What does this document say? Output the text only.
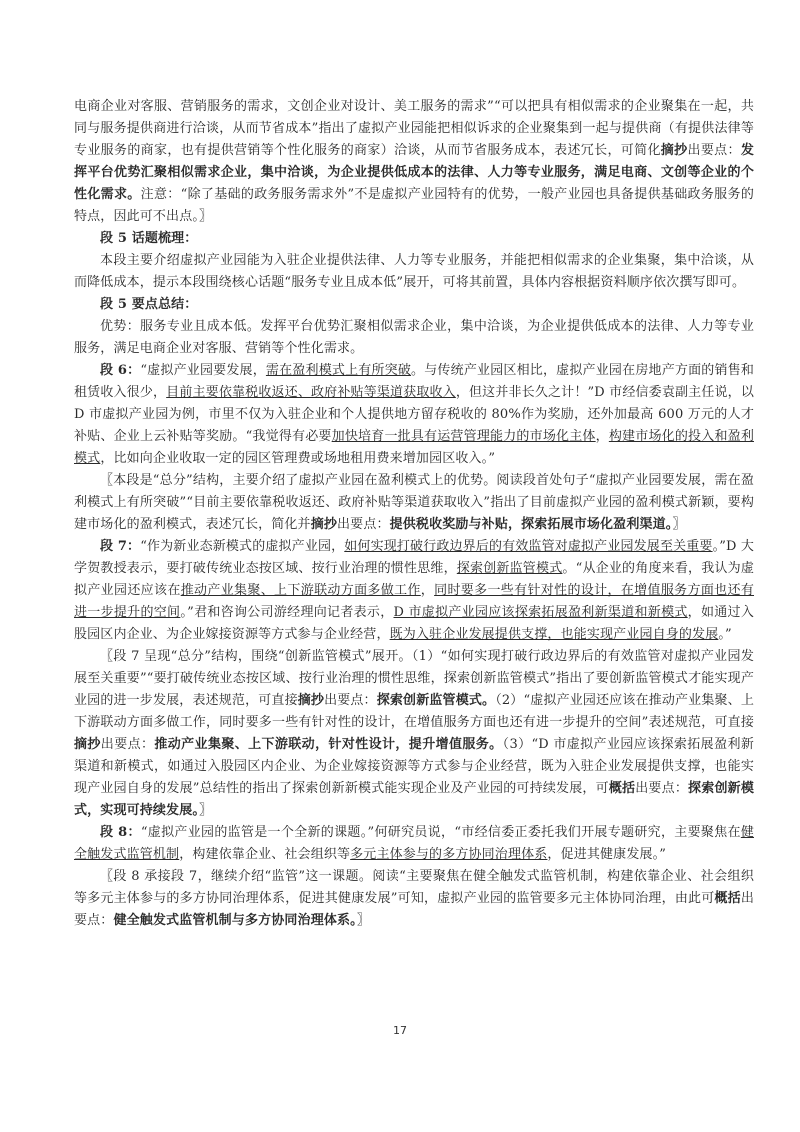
电商企业对客服、营销服务的需求，文创企业对设计、美工服务的需求”“可以把具有相似需求的企业聚集在一起，共同与服务提供商进行洽谈，从而节省成本”指出了虚拟产业园能把相似诉求的企业聚集到一起与提供商（有提供法律等专业服务的商家，也有提供营销等个性化服务的商家）洽谈，从而节省服务成本，表述冗长，可简化摘抄出要点：发挥平台优势汇聚相似需求企业，集中洽谈，为企业提供低成本的法律、人力等专业服务，满足电商、文创等企业的个性化需求。注意：“除了基础的政务服务需求外”不是虚拟产业园特有的优势，一般产业园也具备提供基础政务服务的特点，因此可不出点。〗

段 5 话题梳理：

本段主要介绍虚拟产业园能为入驻企业提供法律、人力等专业服务，并能把相似需求的企业集聚，集中洽谈，从而降低成本，提示本段围绕核心话题“服务专业且成本低”展开，可将其前置，具体内容根据资料顺序依次撰写即可。

段 5 要点总结：

优势：服务专业且成本低。发挥平台优势汇聚相似需求企业，集中洽谈，为企业提供低成本的法律、人力等专业服务，满足电商企业对客服、营销等个性化需求。

段 6：“虚拟产业园要发展，需在盈利模式上有所突破。与传统产业园区相比，虚拟产业园在房地产方面的销售和租赁收入很少，目前主要依靠税收返还、政府补贴等渠道获取收入，但这并非长久之计！”D 市经信委袁副主任说，以 D 市虚拟产业园为例，市里不仅为入驻企业和个人提供地方留存税收的 80%作为奖励，还外加最高 600 万元的人才补贴、企业上云补贴等奖励。“我觉得有必要加快培育一批具有运营管理能力的市场化主体，构建市场化的投入和盈利模式，比如向企业收取一定的园区管理费或场地租用费来增加园区收入。”

〖本段是“总分”结构，主要介绍了虚拟产业园在盈利模式上的优势。阅读段首处句子“虚拟产业园要发展，需在盈利模式上有所突破”“目前主要依靠税收返还、政府补贴等渠道获取收入”指出了目前虚拟产业园的盈利模式新颖，要构建市场化的盈利模式，表述冗长，简化并摘抄出要点：提供税收奖励与补贴，探索拓展市场化盈利渠道。〗

段 7：“作为新业态新模式的虚拟产业园，如何实现打破行政边界后的有效监管对虚拟产业园发展至关重要。”D 大学贺教授表示，要打破传统业态按区域、按行业治理的惯性思维，探索创新监管模式。“从企业的角度来看，我认为虚拟产业园还应该在推动产业集聚、上下游联动方面多做工作，同时要多一些有针对性的设计，在增值服务方面也还有进一步提升的空间。”君和咨询公司游经理向记者表示，D 市虚拟产业园应该探索拓展盈利新渠道和新模式，如通过入股园区内企业、为企业嫁接资源等方式参与企业经营，既为入驻企业发展提供支撑，也能实现产业园自身的发展。”

〖段 7 呈现“总分”结构，围绕“创新监管模式”展开。（1）“如何实现打破行政边界后的有效监管对虚拟产业园发展至关重要”“要打破传统业态按区域、按行业治理的惯性思维，探索创新监管模式”指出了要创新监管模式才能实现产业园的进一步发展，表述规范，可直接摘抄出要点：探索创新监管模式。（2）“虚拟产业园还应该在推动产业集聚、上下游联动方面多做工作，同时要多一些有针对性的设计，在增值服务方面也还有进一步提升的空间”表述规范，可直接摘抄出要点：推动产业集聚、上下游联动，针对性设计，提升增值服务。（3）“D 市虚拟产业园应该探索拓展盈利新渠道和新模式，如通过入股园区内企业、为企业嫁接资源等方式参与企业经营，既为入驻企业发展提供支撑，也能实现产业园自身的发展”总结性的指出了探索创新新模式能实现企业及产业园的可持续发展，可概括出要点：探索创新模式，实现可持续发展。〗

段 8：“虚拟产业园的监管是一个全新的课题。”何研究员说，“市经信委正委托我们开展专题研究，主要聚焦在健全触发式监管机制，构建依靠企业、社会组织等多元主体参与的多方协同治理体系，促进其健康发展。”

〖段 8 承接段 7，继续介绍“监管”这一课题。阅读“主要聚焦在健全触发式监管机制，构建依靠企业、社会组织等多元主体参与的多方协同治理体系，促进其健康发展”可知，虚拟产业园的监管要多元主体协同治理，由此可概括出要点：健全触发式监管机制与多方协同治理体系。〗

17
